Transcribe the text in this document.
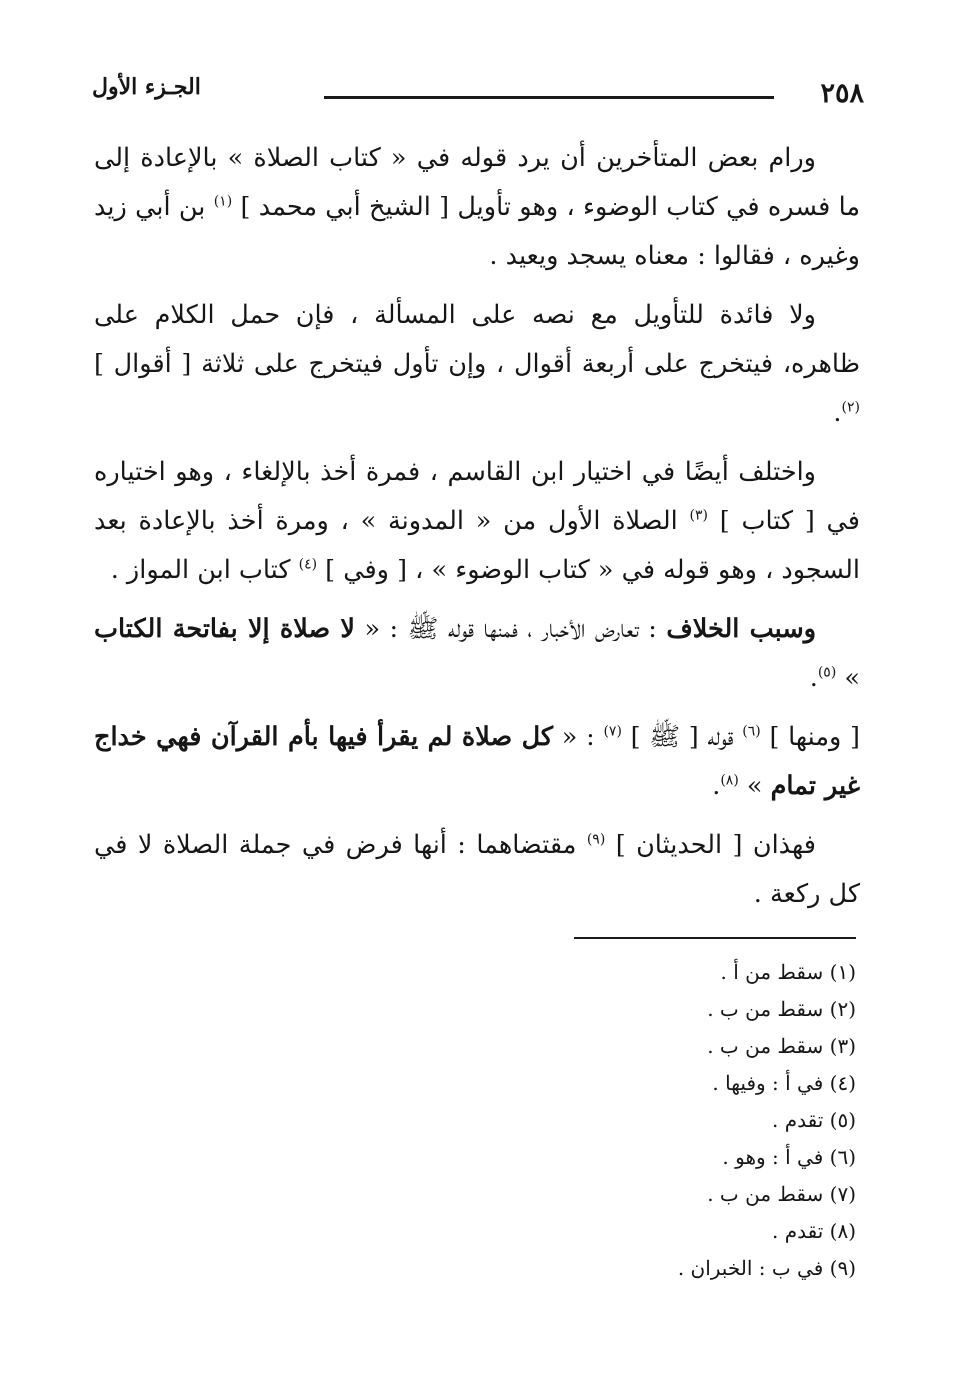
٢٥٨
الجـزء الأول

ورام بعض المتأخرين أن يرد قوله في « كتاب الصلاة » بالإعادة إلى ما فسره في كتاب الوضوء ، وهو تأويل [ الشيخ أبي محمد ] $^{(١)}$ بن أبي زيد وغيره ، فقالوا : معناه يسجد ويعيد .

ولا فائدة للتأويل مع نصه على المسألة ، فإن حمل الكلام على ظاهره، فيتخرج على أربعة أقوال ، وإن تأول فيتخرج على ثلاثة [ أقوال ] $^{(٢)}$.

واختلف أيضًا في اختيار ابن القاسم ، فمرة أخذ بالإلغاء ، وهو اختياره في [ كتاب ] $^{(٣)}$ الصلاة الأول من « المدونة » ، ومرة أخذ بالإعادة بعد السجود ، وهو قوله في « كتاب الوضوء » ، [ وفي ] $^{(٤)}$ كتاب ابن المواز .

وسبب الخلاف : تعارض الأخبار ، فمنها قوله ﷺ : « لا صلاة إلا بفاتحة الكتاب » $^{(٥)}$.

[ ومنها ] $^{(٦)}$ قوله [ ﷺ ] $^{(٧)}$ : « كل صلاة لم يقرأ فيها بأم القرآن فهي خداج غير تمام » $^{(٨)}$.

فهذان [ الحديثان ] $^{(٩)}$ مقتضاهما : أنها فرض في جملة الصلاة لا في كل ركعة .

(١) سقط من أ .
(٢) سقط من ب .
(٣) سقط من ب .
(٤) في أ : وفيها .
(٥) تقدم .
(٦) في أ : وهو .
(٧) سقط من ب .
(٨) تقدم .
(٩) في ب : الخبران .
